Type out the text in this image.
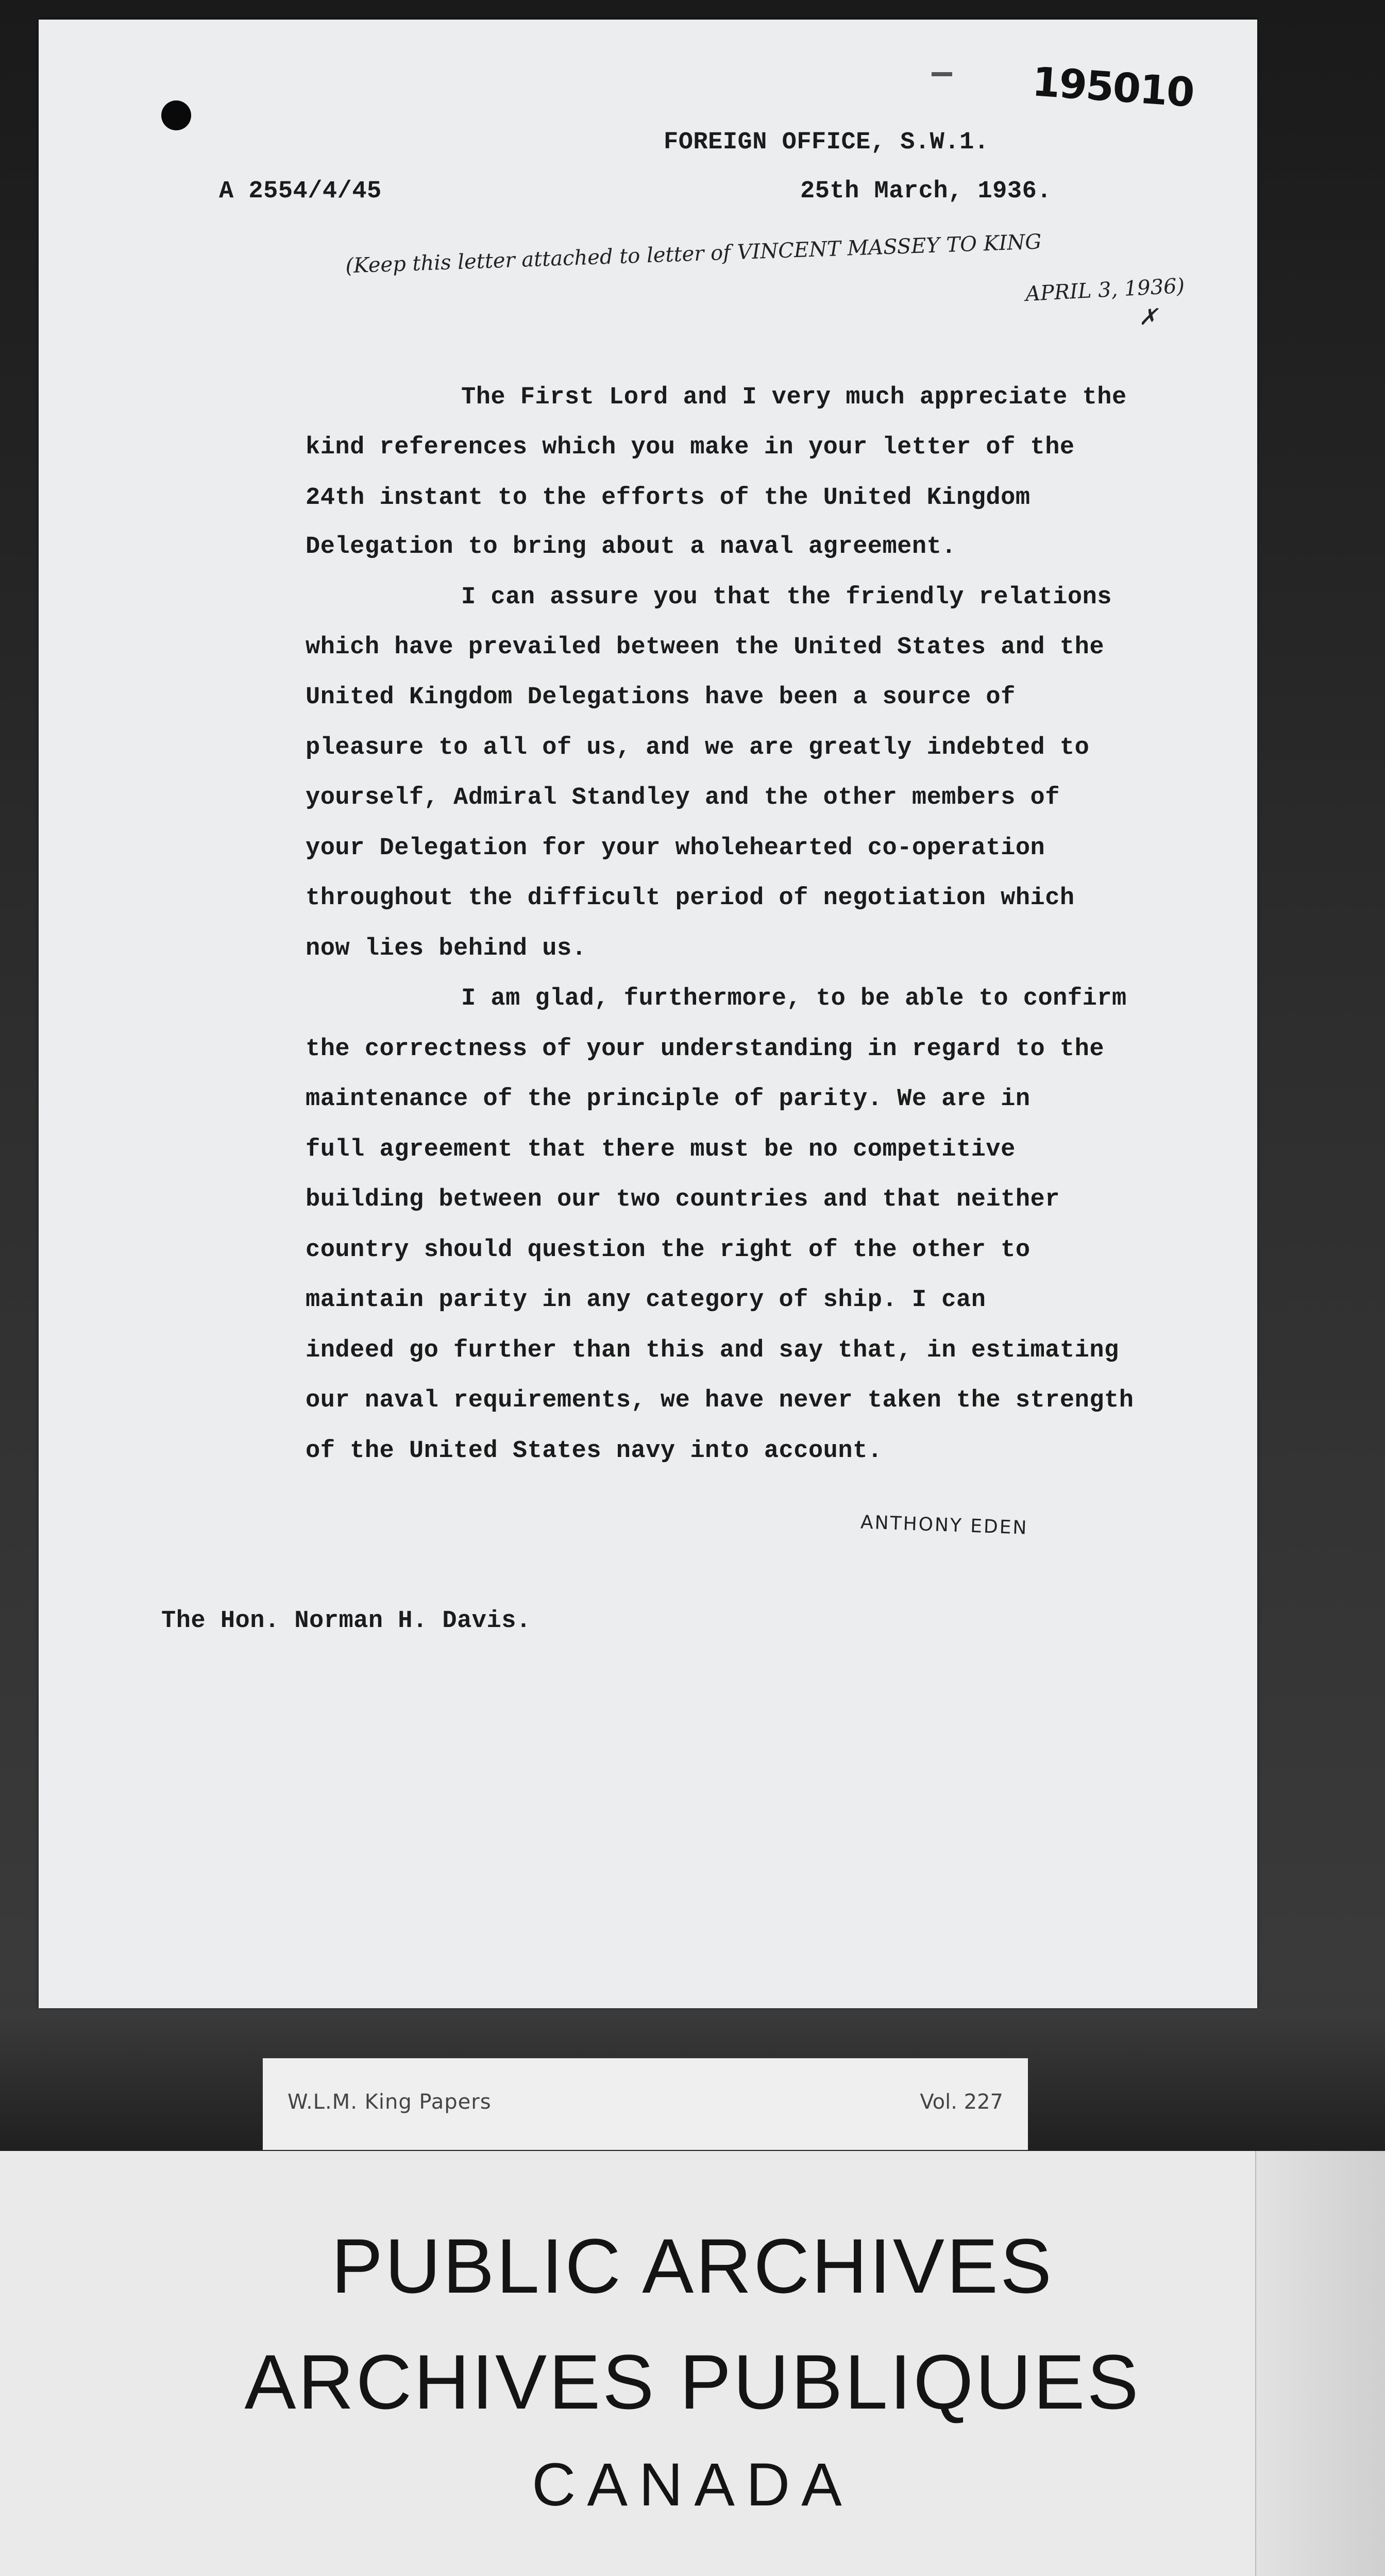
195010
FOREIGN OFFICE, S.W.1.
A 2554/4/45	25th March, 1936.
(Keep this letter attached to letter of VINCENT MASSEY TO KING
APRIL 3, 1936)
✗
The First Lord and I very much appreciate the
kind references which you make in your letter of the
24th instant to the efforts of the United Kingdom
Delegation to bring about a naval agreement.
I can assure you that the friendly relations
which have prevailed between the United States and the
United Kingdom Delegations have been a source of
pleasure to all of us, and we are greatly indebted to
yourself, Admiral Standley and the other members of
your Delegation for your wholehearted co-operation
throughout the difficult period of negotiation which
now lies behind us.
I am glad, furthermore, to be able to confirm
the correctness of your understanding in regard to the
maintenance of the principle of parity. We are in
full agreement that there must be no competitive
building between our two countries and that neither
country should question the right of the other to
maintain parity in any category of ship. I can
indeed go further than this and say that, in estimating
our naval requirements, we have never taken the strength
of the United States navy into account.
ANTHONY EDEN
The Hon. Norman H. Davis.
W.L.M. King Papers	Vol. 227
PUBLIC ARCHIVES
ARCHIVES PUBLIQUES
CANADA
